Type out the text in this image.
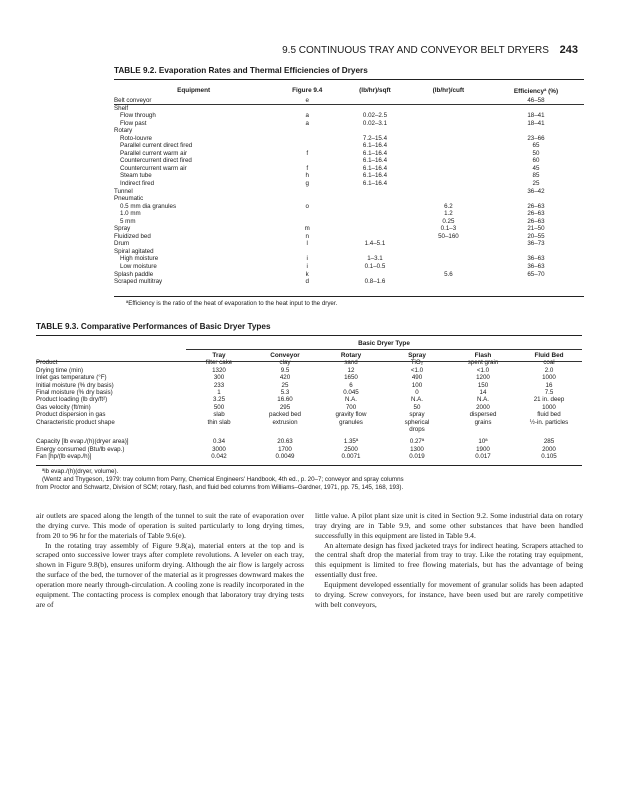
9.5 CONTINUOUS TRAY AND CONVEYOR BELT DRYERS 243
TABLE 9.2. Evaporation Rates and Thermal Efficiencies of Dryers
Equipment	Figure 9.4	(lb/hr)/sqft	(lb/hr)/cuft	Efficiencyª (%)
Belt conveyor	e			46–58
Shelf				
Flow through	a	0.02–2.5		18–41
Flow past	a	0.02–3.1		18–41
Rotary				
Roto-louvre		7.2–15.4		23–66
Parallel current direct fired		6.1–16.4		65
Parallel current warm air	f	6.1–16.4		50
Countercurrent direct fired		6.1–16.4		60
Countercurrent warm air	f	6.1–16.4		45
Steam tube	h	6.1–16.4		85
Indirect fired	g	6.1–16.4		25
Tunnel				36–42
Pneumatic				
0.5 mm dia granules	o		6.2	26–63
1.0 mm			1.2	26–63
5 mm			0.25	26–63
Spray	m		0.1–3	21–50
Fluidized bed	n		50–160	20–55
Drum	l	1.4–5.1		36–73
Spiral agitated				
High moisture	i	1–3.1		36–63
Low moisture	i	0.1–0.5		36–63
Splash paddle	k		5.6	65–70
Scraped multitray	d	0.8–1.6		
ªEfficiency is the ratio of the heat of evaporation to the heat input to the dryer.
TABLE 9.3. Comparative Performances of Basic Dryer Types
Basic Dryer Type
	Tray	Conveyor	Rotary	Spray	Flash	Fluid Bed
Product	filter cake	clay	sand	TiO₂	spent grain	coal
Drying time (min)	1320	9.5	12	<1.0	<1.0	2.0
Inlet gas temperature (°F)	300	420	1650	490	1200	1000
Initial moisture (% dry basis)	233	25	6	100	150	16
Final moisture (% dry basis)	1	5.3	0.045	0	14	7.5
Product loading (lb dry/ft²)	3.25	16.60	N.A.	N.A.	N.A.	21 in. deep
Gas velocity (ft/min)	500	295	700	50	2000	1000
Product dispersion in gas	slab	packed bed	gravity flow	spray	dispersed	fluid bed
Characteristic product shape	thin slab	extrusion	granules	spherical	grains	½-in. particles
				drops		

Capacity [lb evap./(h)(dryer area)]	0.34	20.63	1.35ª	0.27ª	10ª	285
Energy consumed (Btu/lb evap.)	3000	1700	2500	1300	1900	2000
Fan [hp/(lb evap./h)]	0.042	0.0049	0.0071	0.019	0.017	0.105
ªlb evap./(h)(dryer, volume).
(Wentz and Thygeson, 1979: tray column from Perry, Chemical Engineers' Handbook, 4th ed., p. 20–7; conveyor and spray columns
from Proctor and Schwartz, Division of SCM; rotary, flash, and fluid bed columns from Williams–Gardner, 1971, pp. 75, 145, 168, 193).

air outlets are spaced along the length of the tunnel to suit the rate of evaporation over the drying curve. This mode of operation is suited particularly to long drying times, from 20 to 96 hr for the materials of Table 9.6(e).

In the rotating tray assembly of Figure 9.8(a), material enters at the top and is scraped onto successive lower trays after complete revolutions. A leveler on each tray, shown in Figure 9.8(b), ensures uniform drying. Although the air flow is largely across the surface of the bed, the turnover of the material as it progresses downward makes the operation more nearly through-circulation. A cooling zone is readily incorporated in the equipment. The contacting process is complex enough that laboratory tray drying tests are of

little value. A pilot plant size unit is cited in Section 9.2. Some industrial data on rotary tray drying are in Table 9.9, and some other substances that have been handled successfully in this equipment are listed in Table 9.4.

An alternate design has fixed jacketed trays for indirect heating. Scrapers attached to the central shaft drop the material from tray to tray. Like the rotating tray equipment, this equipment is limited to free flowing materials, but has the advantage of being essentially dust free.

Equipment developed essentially for movement of granular solids has been adapted to drying. Screw conveyors, for instance, have been used but are rarely competitive with belt conveyors,
